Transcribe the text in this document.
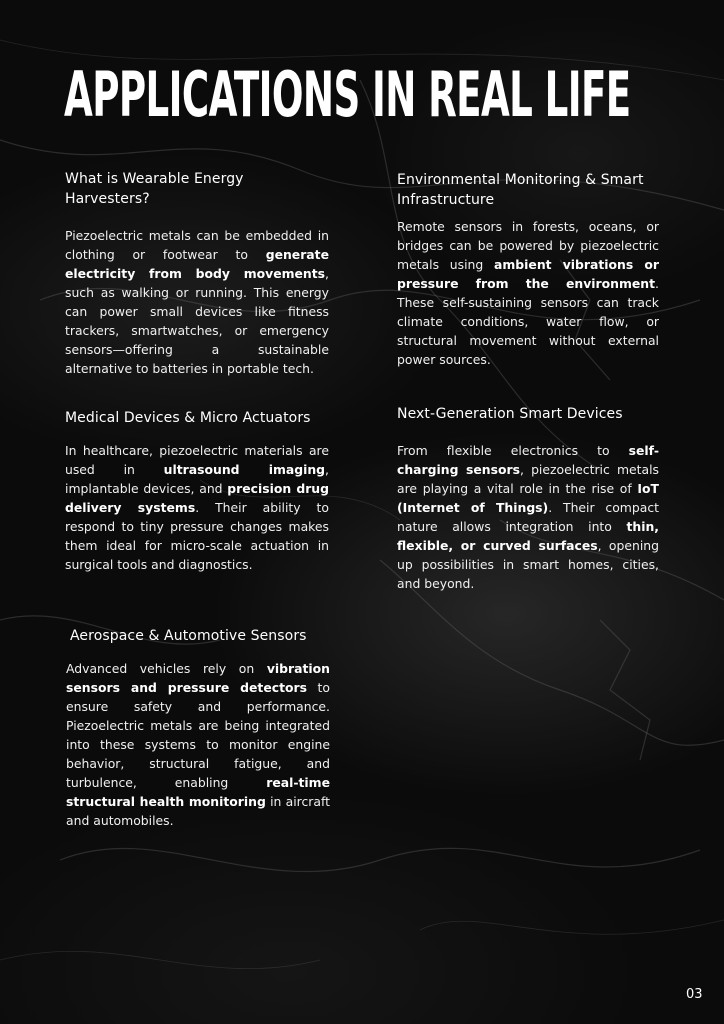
APPLICATIONS IN REAL LIFE
What is Wearable Energy Harvesters?

Piezoelectric metals can be embedded in clothing or footwear to generate electricity from body movements, such as walking or running. This energy can power small devices like fitness trackers, smartwatches, or emergency sensors—offering a sustainable alternative to batteries in portable tech.

Medical Devices & Micro Actuators

In healthcare, piezoelectric materials are used in ultrasound imaging, implantable devices, and precision drug delivery systems. Their ability to respond to tiny pressure changes makes them ideal for micro-scale actuation in surgical tools and diagnostics.

Aerospace & Automotive Sensors

Advanced vehicles rely on vibration sensors and pressure detectors to ensure safety and performance. Piezoelectric metals are being integrated into these systems to monitor engine behavior, structural fatigue, and turbulence, enabling real-time structural health monitoring in aircraft and automobiles.

Environmental Monitoring & Smart Infrastructure

Remote sensors in forests, oceans, or bridges can be powered by piezoelectric metals using ambient vibrations or pressure from the environment. These self-sustaining sensors can track climate conditions, water flow, or structural movement without external power sources.

Next-Generation Smart Devices

From flexible electronics to self-charging sensors, piezoelectric metals are playing a vital role in the rise of IoT (Internet of Things). Their compact nature allows integration into thin, flexible, or curved surfaces, opening up possibilities in smart homes, cities, and beyond.

03
